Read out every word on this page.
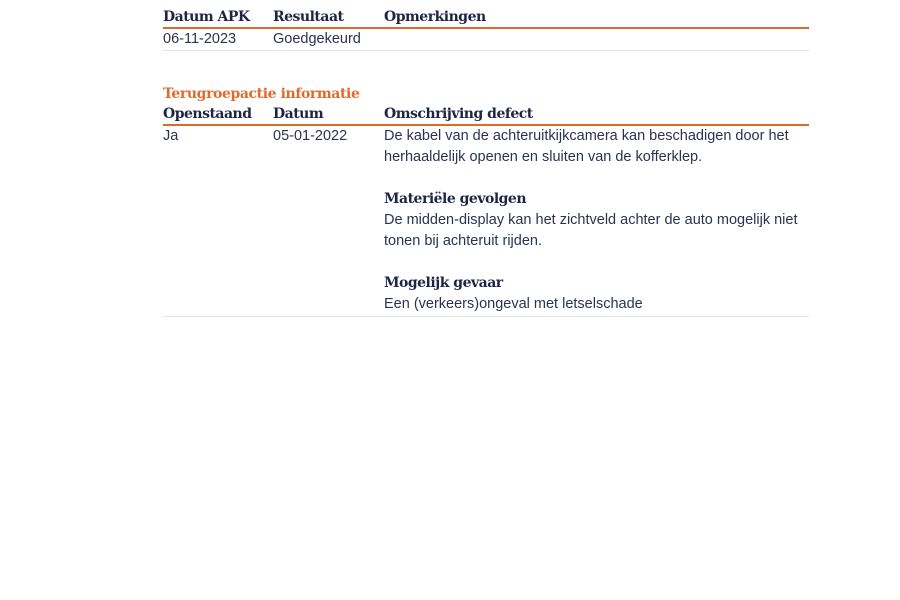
Datum APK	Resultaat	Opmerkingen
06-11-2023	Goedgekeurd
Terugroepactie informatie
Openstaand	Datum	Omschrijving defect
Ja	05-01-2022	De kabel van de achteruitkijkcamera kan beschadigen door het herhaaldelijk openen en sluiten van de kofferklep.
Materiële gevolgen
De midden-display kan het zichtveld achter de auto mogelijk niet tonen bij achteruit rijden.
Mogelijk gevaar
Een (verkeers)ongeval met letselschade
